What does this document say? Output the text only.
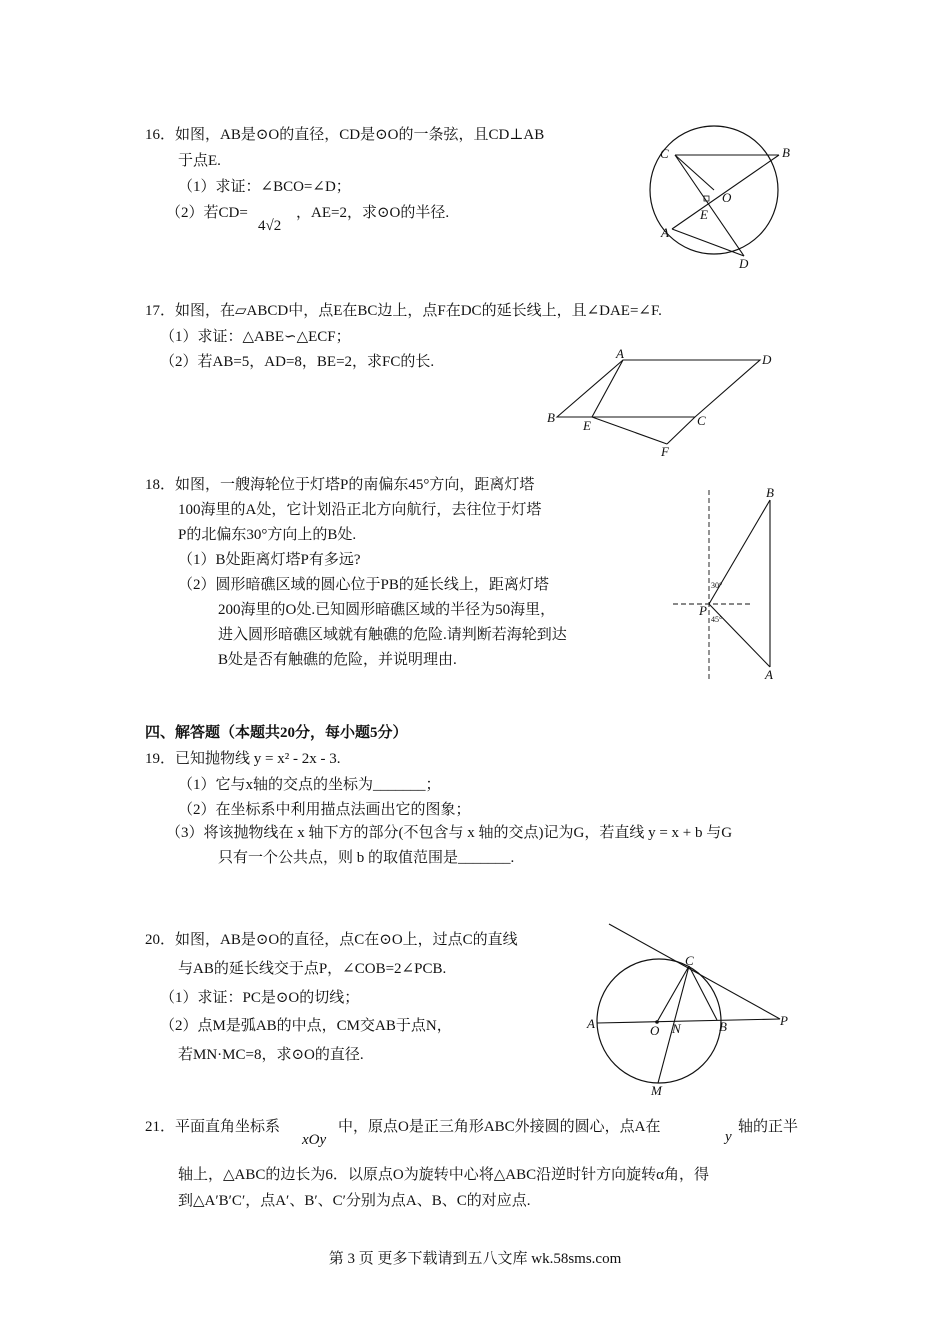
16．如图，AB是⊙O的直径，CD是⊙O的一条弦，且CD⊥AB
于点E.
（1）求证：∠BCO=∠D；
（2）若CD=
4√2
，AE=2，求⊙O的半径.
C	B
O
E
A
D
17．如图，在▱ABCD中，点E在BC边上，点F在DC的延长线上，且∠DAE=∠F.
（1）求证：△ABE∽△ECF；
（2）若AB=5，AD=8，BE=2，求FC的长.
A	D
B
E	C
F
18．如图，一艘海轮位于灯塔P的南偏东45°方向，距离灯塔
100海里的A处，它计划沿正北方向航行，去往位于灯塔
P的北偏东30°方向上的B处.
（1）B处距离灯塔P有多远?
（2）圆形暗礁区域的圆心位于PB的延长线上，距离灯塔
200海里的O处.已知圆形暗礁区域的半径为50海里，
进入圆形暗礁区域就有触礁的危险.请判断若海轮到达
B处是否有触礁的危险，并说明理由.
B
P
A
30°
45°
四、解答题（本题共20分，每小题5分）
19．已知抛物线 y = x² - 2x - 3.
（1）它与x轴的交点的坐标为_______；
（2）在坐标系中利用描点法画出它的图象；
（3）将该抛物线在 x 轴下方的部分(不包含与 x 轴的交点)记为G，若直线 y = x + b 与G
只有一个公共点，则 b 的取值范围是_______.
20．如图，AB是⊙O的直径，点C在⊙O上，过点C的直线
与AB的延长线交于点P，∠COB=2∠PCB.
（1）求证：PC是⊙O的切线；
（2）点M是弧AB的中点，CM交AB于点N，
若MN·MC=8，求⊙O的直径.
C
A	O N	B	P
M
21．平面直角坐标系
xOy
中，原点O是正三角形ABC外接圆的圆心，点A在
y
轴的正半
轴上，△ABC的边长为6．以原点O为旋转中心将△ABC沿逆时针方向旋转α角，得
到△A′B′C′，点A′、B′、C′分别为点A、B、C的对应点.
第 3 页 更多下载请到五八文库 wk.58sms.com
